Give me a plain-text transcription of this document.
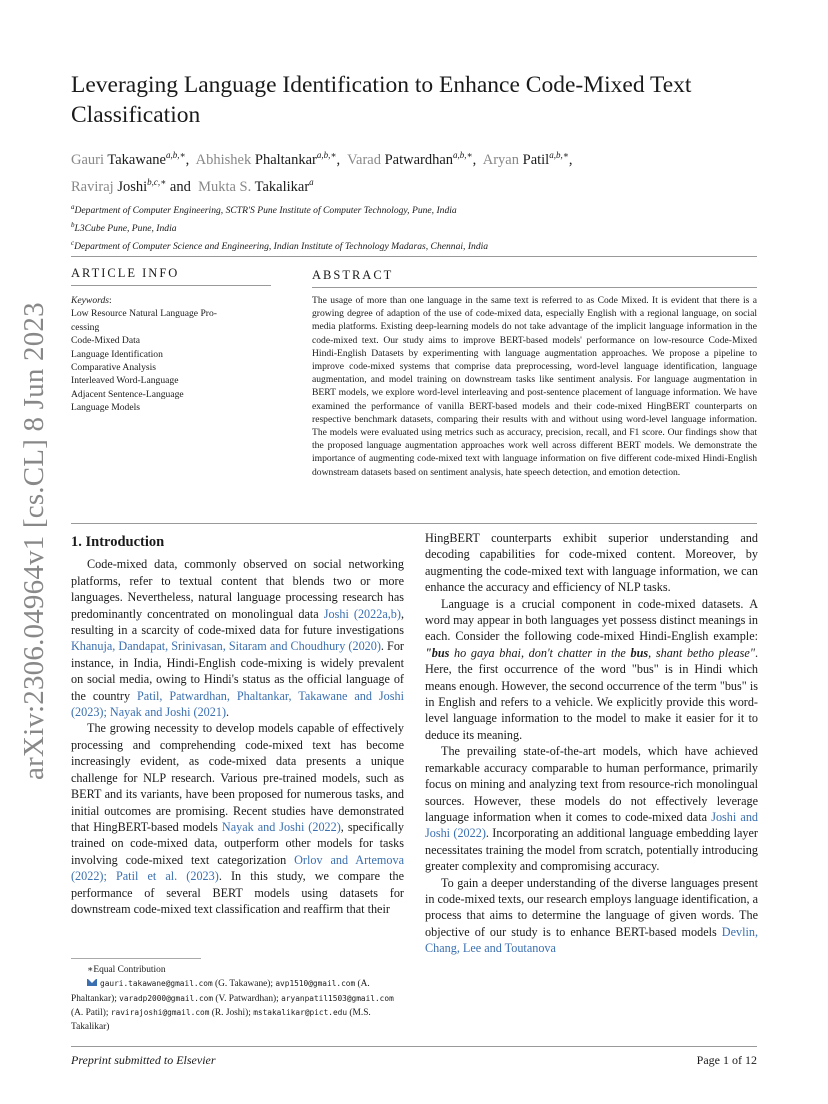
arXiv:2306.04964v1 [cs.CL] 8 Jun 2023
Leveraging Language Identification to Enhance Code-Mixed Text Classification
Gauri Takawane$^{a,b,∗}$,  Abhishek Phaltankar$^{a,b,∗}$,  Varad Patwardhan$^{a,b,∗}$,  Aryan Patil$^{a,b,∗}$,
Raviraj Joshi$^{b,c,∗}$ and Mukta S. Takalikar$^a$
$^a$Department of Computer Engineering, SCTR'S Pune Institute of Computer Technology, Pune, India
$^b$L3Cube Pune, Pune, India
$^c$Department of Computer Science and Engineering, Indian Institute of Technology Madaras, Chennai, India
ARTICLE INFO	ABSTRACT
Keywords:
Low Resource Natural Language Pro-
cessing
Code-Mixed Data
Language Identification
Comparative Analysis
Interleaved Word-Language
Adjacent Sentence-Language
Language Models
The usage of more than one language in the same text is referred to as Code Mixed. It is evident that there is a growing degree of adaption of the use of code-mixed data, especially English with a regional language, on social media platforms. Existing deep-learning models do not take advantage of the implicit language information in the code-mixed text. Our study aims to improve BERT-based models' performance on low-resource Code-Mixed Hindi-English Datasets by experimenting with language augmentation approaches. We propose a pipeline to improve code-mixed systems that comprise data preprocessing, word-level language identification, language augmentation, and model training on downstream tasks like sentiment analysis. For language augmentation in BERT models, we explore word-level interleaving and post-sentence placement of language information. We have examined the performance of vanilla BERT-based models and their code-mixed HingBERT counterparts on respective benchmark datasets, comparing their results with and without using word-level language information. The models were evaluated using metrics such as accuracy, precision, recall, and F1 score. Our findings show that the proposed language augmentation approaches work well across different BERT models. We demonstrate the importance of augmenting code-mixed text with language information on five different code-mixed Hindi-English downstream datasets based on sentiment analysis, hate speech detection, and emotion detection.
1. Introduction

Code-mixed data, commonly observed on social networking platforms, refer to textual content that blends two or more languages. Nevertheless, natural language processing research has predominantly concentrated on monolingual data Joshi (2022a,b), resulting in a scarcity of code-mixed data for future investigations Khanuja, Dandapat, Srinivasan, Sitaram and Choudhury (2020). For instance, in India, Hindi-English code-mixing is widely prevalent on social media, owing to Hindi's status as the official language of the country Patil, Patwardhan, Phaltankar, Takawane and Joshi (2023); Nayak and Joshi (2021).

The growing necessity to develop models capable of effectively processing and comprehending code-mixed text has become increasingly evident, as code-mixed data presents a unique challenge for NLP research. Various pre-trained models, such as BERT and its variants, have been proposed for numerous tasks, and initial outcomes are promising. Recent studies have demonstrated that HingBERT-based models Nayak and Joshi (2022), specifically trained on code-mixed data, outperform other models for tasks involving code-mixed text categorization Orlov and Artemova (2022); Patil et al. (2023). In this study, we compare the performance of several BERT models using datasets for downstream code-mixed text classification and reaffirm that their

HingBERT counterparts exhibit superior understanding and decoding capabilities for code-mixed content. Moreover, by augmenting the code-mixed text with language information, we can enhance the accuracy and efficiency of NLP tasks.

Language is a crucial component in code-mixed datasets. A word may appear in both languages yet possess distinct meanings in each. Consider the following code-mixed Hindi-English example: "bus ho gaya bhai, don't chatter in the bus, shant betho please". Here, the first occurrence of the word "bus" is in Hindi which means enough. However, the second occurrence of the term "bus" is in English and refers to a vehicle. We explicitly provide this word-level language information to the model to make it easier for it to deduce its meaning.

The prevailing state-of-the-art models, which have achieved remarkable accuracy comparable to human performance, primarily focus on mining and analyzing text from resource-rich monolingual sources. However, these models do not effectively leverage language information when it comes to code-mixed data Joshi and Joshi (2022). Incorporating an additional language embedding layer necessitates training the model from scratch, potentially introducing greater complexity and compromising accuracy.

To gain a deeper understanding of the diverse languages present in code-mixed texts, our research employs language identification, a process that aims to determine the language of given words. The objective of our study is to enhance BERT-based models Devlin, Chang, Lee and Toutanova

∗Equal Contribution
gauri.takawane@gmail.com (G. Takawane); avp1510@gmail.com (A. Phaltankar); varadp2000@gmail.com (V. Patwardhan); aryanpatil1503@gmail.com (A. Patil); ravirajoshi@gmail.com (R. Joshi); mstakalikar@pict.edu (M.S. Takalikar)
Preprint submitted to Elsevier	Page 1 of 12
